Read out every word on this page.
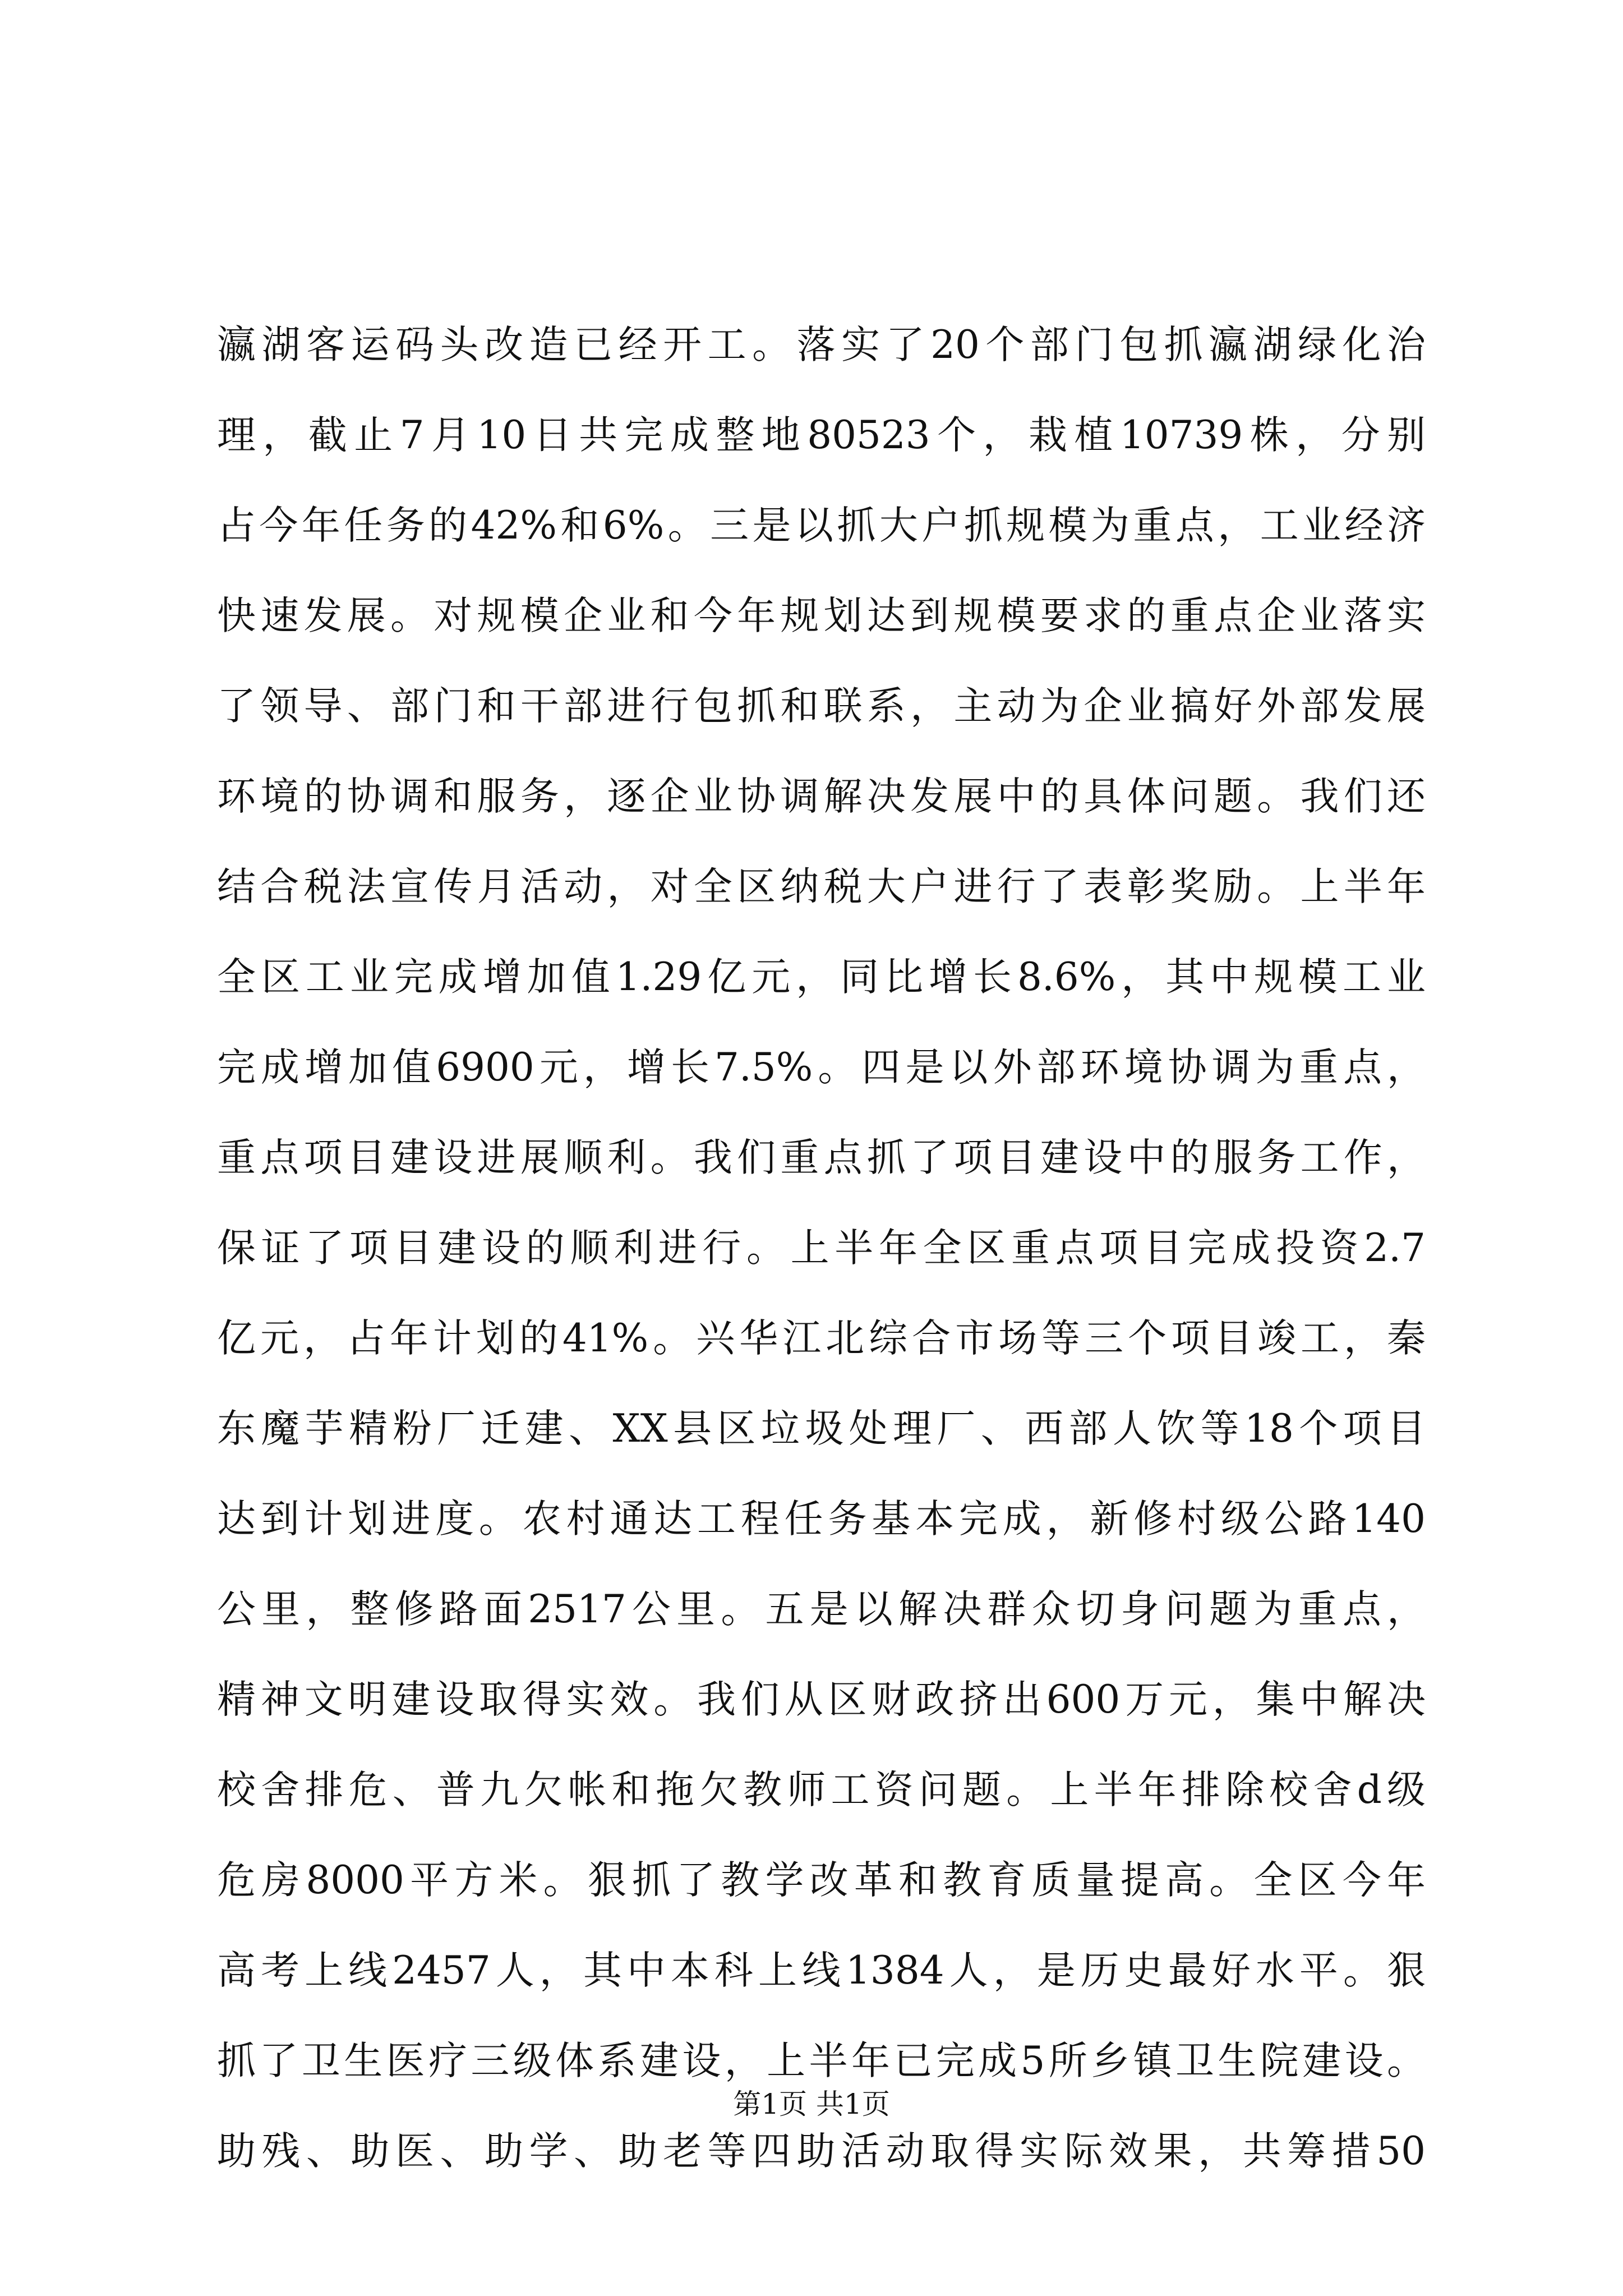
瀛湖客运码头改造已经开工。落实了20个部门包抓瀛湖绿化治
理，截止7月10日共完成整地80523个，栽植10739株，分别
占今年任务的42%和6%。三是以抓大户抓规模为重点，工业经济
快速发展。对规模企业和今年规划达到规模要求的重点企业落实
了领导、部门和干部进行包抓和联系，主动为企业搞好外部发展
环境的协调和服务，逐企业协调解决发展中的具体问题。我们还
结合税法宣传月活动，对全区纳税大户进行了表彰奖励。上半年
全区工业完成增加值1.29亿元，同比增长8.6%，其中规模工业
完成增加值6900元，增长7.5%。四是以外部环境协调为重点，
重点项目建设进展顺利。我们重点抓了项目建设中的服务工作，
保证了项目建设的顺利进行。上半年全区重点项目完成投资2.7
亿元，占年计划的41%。兴华江北综合市场等三个项目竣工，秦
东魔芋精粉厂迁建、XX县区垃圾处理厂、西部人饮等18个项目
达到计划进度。农村通达工程任务基本完成，新修村级公路140
公里，整修路面2517公里。五是以解决群众切身问题为重点，
精神文明建设取得实效。我们从区财政挤出600万元，集中解决
校舍排危、普九欠帐和拖欠教师工资问题。上半年排除校舍d级
危房8000平方米。狠抓了教学改革和教育质量提高。全区今年
高考上线2457人，其中本科上线1384人，是历史最好水平。狠
抓了卫生医疗三级体系建设，上半年已完成5所乡镇卫生院建设。
助残、助医、助学、助老等四助活动取得实际效果，共筹措50
第1页 共1页
